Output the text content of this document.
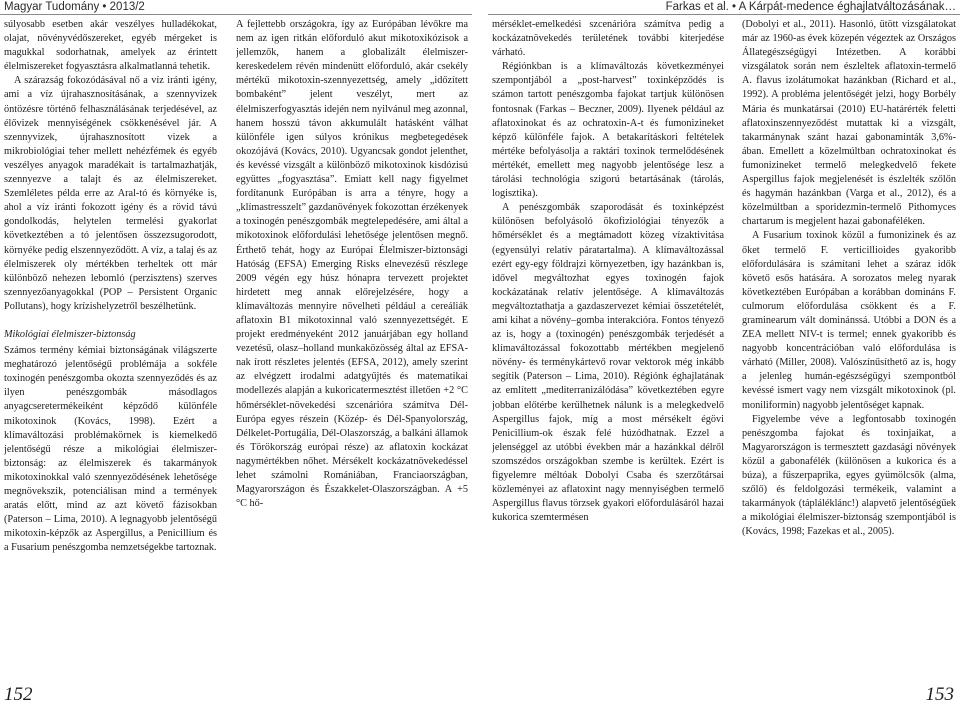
Magyar Tudomány • 2013/2	Farkas et al. • A Kárpát-medence éghajlatváltozásának…

súlyosabb esetben akár veszélyes hulladékokat, olajat, növényvédőszereket, egyéb mérgeket is magukkal sodorhatnak, amelyek az érintett élelmiszereket fogyasztásra alkalmatlanná tehetik.

A szárazság fokozódásával nő a víz iránti igény, ami a víz újrahasznosításának, a szennyvizek öntözésre történő felhasználásának terjedésével, az élővizek mennyiségének csökkenésével jár. A szennyvizek, újrahasznosított vizek a mikrobiológiai teher mellett nehézfémek és egyéb veszélyes anyagok maradékait is tartalmazhatják, szennyezve a talajt és az élelmiszereket. Szemléletes példa erre az Aral-tó és környéke is, ahol a víz iránti fokozott igény és a rövid távú gondolkodás, helytelen termelési gyakorlat következtében a tó jelentősen összezsugorodott, környéke pedig elszennyeződött. A víz, a talaj és az élelmiszerek oly mértékben terheltek ott már különböző nehezen lebomló (perzisztens) szerves szennyezőanyagokkal (POP – Persistent Organic Pollutans), hogy krízishelyzetről beszélhetünk.

Mikológiai élelmiszer-biztonság

Számos termény kémiai biztonságának világszerte meghatározó jelentőségű problémája a sokféle toxinogén penészgomba okozta szennyeződés és az ilyen penészgombák másodlagos anyagcseretermékeiként képződő különféle mikotoxinok (Kovács, 1998). Ezért a klímaváltozási problémakörnek is kiemelkedő jelentőségű része a mikológiai élelmiszer-biztonság: az élelmiszerek és takarmányok mikotoxinokkal való szennyeződésének lehetősége megnövekszik, potenciálisan mind a termények aratás előtt, mind az azt követő fázisokban (Paterson – Lima, 2010). A legnagyobb jelentőségű mikotoxin-képzők az Aspergillus, a Penicillium és a Fusarium penészgomba nemzetségekbe tartoznak.

A fejlettebb országokra, így az Európában lévőkre ma nem az igen ritkán előforduló akut mikotoxikózisok a jellemzők, hanem a globalizált élelmiszer- kereskedelem révén mindenütt előforduló, akár csekély mértékű mikotoxin-szennyezettség, amely „időzített bombaként” jelent veszélyt, mert az élelmiszerfogyasztás idején nem nyilvánul meg azonnal, hanem hosszú távon akkumulált hatásként válhat különféle igen súlyos krónikus megbetegedések okozójává (Kovács, 2010). Ugyancsak gondot jelenthet, és kevéssé vizsgált a különböző mikotoxinok kisdózisú együttes „fogyasztása”. Emiatt kell nagy figyelmet fordítanunk Európában is arra a tényre, hogy a „klímastresszelt” gazdanövények fokozottan érzékenyek a toxinogén penészgombák megtelepedésére, ami által a mikotoxinok előfordulási lehetősége jelentősen megnő. Érthető tehát, hogy az Európai Élelmiszer-biztonsági Hatóság (EFSA) Emerging Risks elnevezésű részlege 2009 végén egy húsz hónapra tervezett projektet hirdetett meg annak előrejelzésére, hogy a klímaváltozás mennyire növelheti például a cereáliák aflatoxin B1 mikotoxinnal való szennyezettségét. E projekt eredményeként 2012 januárjában egy holland vezetésű, olasz–holland munkaközösség által az EFSA-nak írott részletes jelentés (EFSA, 2012), amely szerint az elvégzett irodalmi adatgyűjtés és matematikai modellezés alapján a kukoricatermesztést illetően +2 °C hőmérséklet-növekedési szcenárióra számítva Dél-Európa egyes részein (Közép- és Dél-Spanyolország, Délkelet-Portugália, Dél-Olaszország, a balkáni államok és Törökország európai része) az aflatoxin kockázat nagymértékben nőhet. Mérsékelt kockázatnövekedéssel lehet számolni Romániában, Franciaországban, Magyarországon és Északkelet-Olaszországban. A +5 °C hő-

mérséklet-emelkedési szcenárióra számítva pedig a kockázatnövekedés területének további kiterjedése várható.

Régiónkban is a klímaváltozás következményei szempontjából a „post-harvest” toxinképződés is számon tartott penészgomba fajokat tartjuk különösen fontosnak (Farkas – Beczner, 2009). Ilyenek például az aflatoxinokat és az ochratoxin-A-t és fumonizineket képző különféle fajok. A betakarításkori feltételek mértéke befolyásolja a raktári toxinok termelődésének mértékét, emellett meg nagyobb jelentősége lesz a tárolási technológia szigorú betartásának (tárolás, logisztika).

A penészgombák szaporodását és toxinképzést különösen befolyásoló ökofiziológiai tényezők a hőmérséklet és a megtámadott közeg vízaktivitása (egyensúlyi relatív páratartalma). A klímaváltozással ezért egy-egy földrajzi környezetben, így hazánkban is, idővel megváltozhat egyes toxinogén fajok kockázatának relatív jelentősége. A klímaváltozás megváltoztathatja a gazdaszervezet kémiai összetételét, ami kihat a növény–gomba interakcióra. Fontos tényező az is, hogy a (toxinogén) penészgombák terjedését a klímaváltozással fokozottabb mértékben megjelenő növény- és terménykártevő rovar vektorok még inkább segítik (Paterson – Lima, 2010). Régiónk éghajlatának az említett „mediterranizálódása” következtében egyre jobban előtérbe kerülhetnek nálunk is a melegkedvelő Aspergillus fajok, míg a most mérsékelt égövi Penicillium-ok észak felé húzódhatnak. Ezzel a jelenséggel az utóbbi években már a hazánkkal délről szomszédos országokban szembe is kerültek. Ezért is figyelemre méltóak Dobolyi Csaba és szerzőtársai közleményei az aflatoxint nagy mennyiségben termelő Aspergillus flavus törzsek gyakori előfordulásáról hazai kukorica szemtermésen

(Dobolyi et al., 2011). Hasonló, ütött vizsgálatokat már az 1960-as évek közepén végeztek az Országos Állategészségügyi Intézetben. A korábbi vizsgálatok során nem észleltek aflatoxin-termelő A. flavus izolátumokat hazánkban (Richard et al., 1992). A probléma jelentőségét jelzi, hogy Borbély Mária és munkatársai (2010) EU-határérték feletti aflatoxinszennyeződést mutattak ki a vizsgált, takarmánynak szánt hazai gabonaminták 3,6%-ában. Emellett a közelmúltban ochratoxinokat és fumonizineket termelő melegkedvelő fekete Aspergillus fajok megjelenését is észlelték szőlőn és hagymán hazánkban (Varga et al., 2012), és a közelmúltban a sporidezmin-termelő Pithomyces chartarum is megjelent hazai gabonaféléken.

A Fusarium toxinok közül a fumonizinek és az őket termelő F. verticillioides gyakoribb előfordulására is számítani lehet a száraz idők követő esős hatására. A sorozatos meleg nyarak következtében Európában a korábban domináns F. culmorum előfordulása csökkent és a F. graminearum vált dominánssá. Utóbbi a DON és a ZEA mellett NIV-t is termel; ennek gyakoribb és nagyobb koncentrációban való előfordulása is várható (Miller, 2008). Valószínűsíthető az is, hogy a jelenleg humán-egészségügyi szempontból kevéssé ismert vagy nem vizsgált mikotoxinok (pl. moniliformin) nagyobb jelentőséget kapnak.

Figyelembe véve a legfontosabb toxinogén penészgomba fajokat és toxinjaikat, a Magyarországon is termesztett gazdasági növények közül a gabonafélék (különösen a kukorica és a búza), a fűszerpaprika, egyes gyümölcsök (alma, szőlő) és feldolgozási termékeik, valamint a takarmányok (tápláléklánc!) alapvető jelentőségűek a mikológiai élelmiszer-biztonság szempontjából is (Kovács, 1998; Fazekas et al., 2005).

152	153
